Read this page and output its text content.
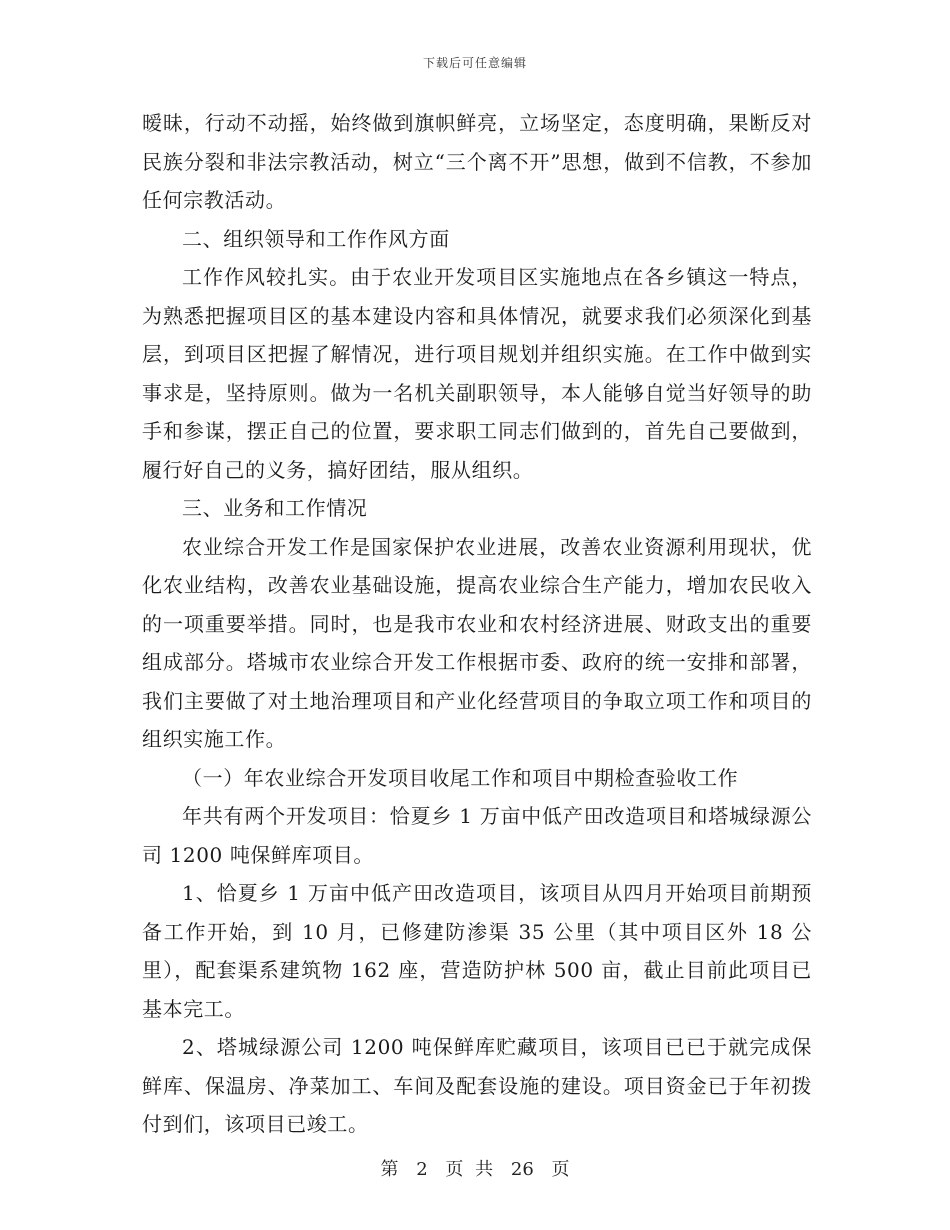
下载后可任意编辑

暧昧，行动不动摇，始终做到旗帜鲜亮，立场坚定，态度明确，果断反对民族分裂和非法宗教活动，树立“三个离不开”思想，做到不信教，不参加任何宗教活动。

二、组织领导和工作作风方面

工作作风较扎实。由于农业开发项目区实施地点在各乡镇这一特点，为熟悉把握项目区的基本建设内容和具体情况，就要求我们必须深化到基层，到项目区把握了解情况，进行项目规划并组织实施。在工作中做到实事求是，坚持原则。做为一名机关副职领导，本人能够自觉当好领导的助手和参谋，摆正自己的位置，要求职工同志们做到的，首先自己要做到，履行好自己的义务，搞好团结，服从组织。

三、业务和工作情况

农业综合开发工作是国家保护农业进展，改善农业资源利用现状，优化农业结构，改善农业基础设施，提高农业综合生产能力，增加农民收入的一项重要举措。同时，也是我市农业和农村经济进展、财政支出的重要组成部分。塔城市农业综合开发工作根据市委、政府的统一安排和部署，我们主要做了对土地治理项目和产业化经营项目的争取立项工作和项目的组织实施工作。

（一）年农业综合开发项目收尾工作和项目中期检查验收工作

年共有两个开发项目：恰夏乡 1 万亩中低产田改造项目和塔城绿源公司 1200 吨保鲜库项目。

1、恰夏乡 1 万亩中低产田改造项目，该项目从四月开始项目前期预备工作开始，到 10 月，已修建防渗渠 35 公里（其中项目区外 18 公里），配套渠系建筑物 162 座，营造防护林 500 亩，截止目前此项目已基本完工。

2、塔城绿源公司 1200 吨保鲜库贮藏项目，该项目已已于就完成保鲜库、保温房、净菜加工、车间及配套设施的建设。项目资金已于年初拨付到们，该项目已竣工。

第 2 页 共 26 页
